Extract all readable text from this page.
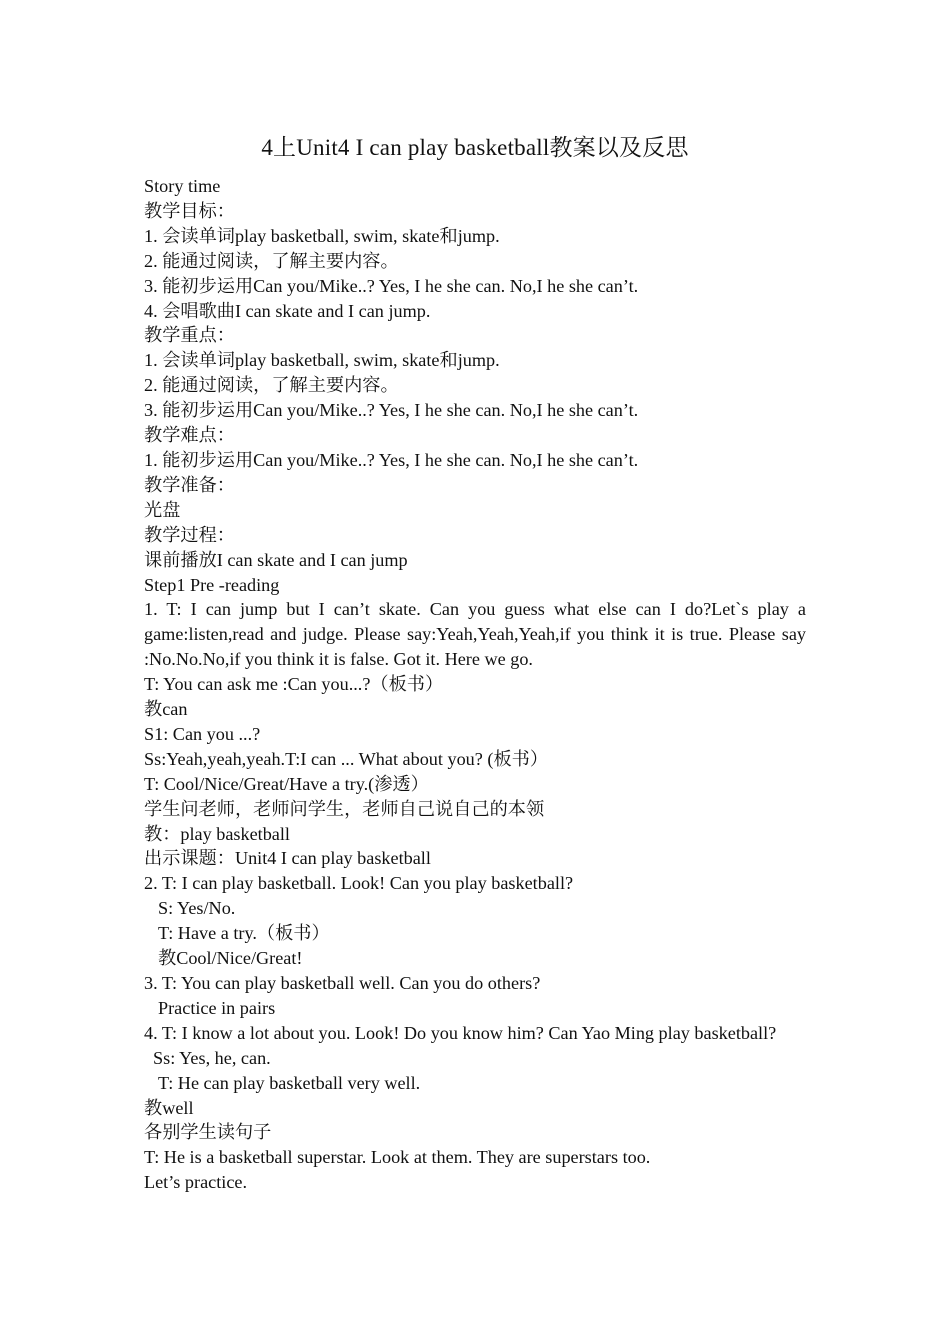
4上Unit4 I can play basketball教案以及反思
Story time
教学目标：
1. 会读单词play basketball, swim, skate和jump.
2. 能通过阅读，了解主要内容。
3. 能初步运用Can you/Mike..? Yes, I he she can. No,I he she can’t.
4. 会唱歌曲I can skate and I can jump.
教学重点：
1. 会读单词play basketball, swim, skate和jump.
2. 能通过阅读，了解主要内容。
3. 能初步运用Can you/Mike..? Yes, I he she can. No,I he she can’t.
教学难点：
1. 能初步运用Can you/Mike..? Yes, I he she can. No,I he she can’t.
教学准备：
光盘
教学过程：
课前播放I can skate and I can jump
Step1 Pre -reading
1. T: I can jump but I can’t skate. Can you guess what else can I do?Let`s play a game:listen,read and judge. Please say:Yeah,Yeah,Yeah,if you think it is true. Please say :No.No.No,if you think it is false. Got it. Here we go.
T: You can ask me :Can you...?（板书）
教can
S1: Can you ...?
Ss:Yeah,yeah,yeah.T:I can ... What about you? (板书）
T: Cool/Nice/Great/Have a try.(渗透）
学生问老师，老师问学生，老师自己说自己的本领
教：play basketball
出示课题：Unit4 I can play basketball
2. T: I can play basketball. Look! Can you play basketball?
S: Yes/No.
T: Have a try.（板书）
教Cool/Nice/Great!
3. T: You can play basketball well. Can you do others?
Practice in pairs
4. T: I know a lot about you. Look! Do you know him? Can Yao Ming play basketball?
Ss: Yes, he, can.
T: He can play basketball very well.
教well
各别学生读句子
T: He is a basketball superstar. Look at them. They are superstars too.
Let’s practice.
